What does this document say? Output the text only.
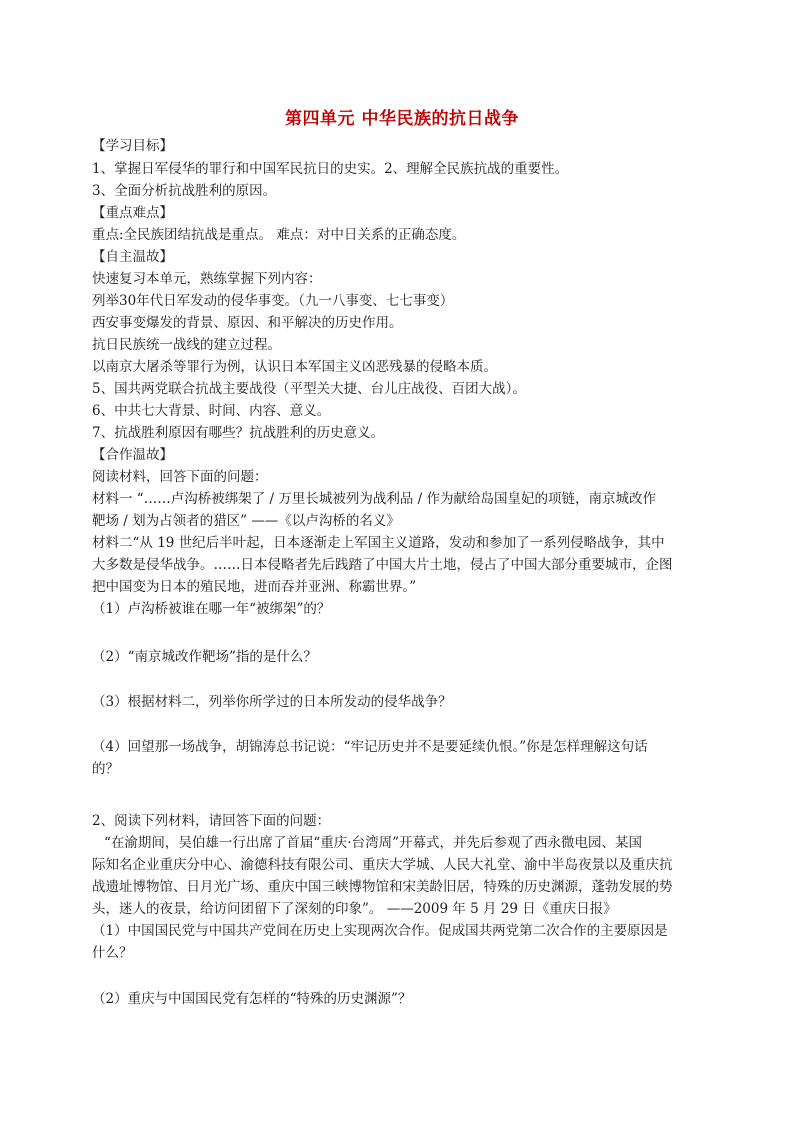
第四单元 中华民族的抗日战争
【学习目标】
1、掌握日军侵华的罪行和中国军民抗日的史实。2、理解全民族抗战的重要性。
3、全面分析抗战胜利的原因。
【重点难点】
重点:全民族团结抗战是重点。 难点：对中日关系的正确态度。
【自主温故】
快速复习本单元，熟练掌握下列内容：
列举30年代日军发动的侵华事变。（九一八事变、七七事变）
西安事变爆发的背景、原因、和平解决的历史作用。
抗日民族统一战线的建立过程。
以南京大屠杀等罪行为例，认识日本军国主义凶恶残暴的侵略本质。
5、国共两党联合抗战主要战役（平型关大捷、台儿庄战役、百团大战）。
6、中共七大背景、时间、内容、意义。
7、抗战胜利原因有哪些？抗战胜利的历史意义。
【合作温故】
阅读材料，回答下面的问题：
材料一 “……卢沟桥被绑架了 / 万里长城被列为战利品 / 作为献给岛国皇妃的项链，南京城改作
靶场 / 划为占领者的猎区” ——《以卢沟桥的名义》
材料二“从 19 世纪后半叶起，日本逐渐走上军国主义道路，发动和参加了一系列侵略战争，其中
大多数是侵华战争。……日本侵略者先后践踏了中国大片土地，侵占了中国大部分重要城市，企图
把中国变为日本的殖民地，进而吞并亚洲、称霸世界。”
（1）卢沟桥被谁在哪一年“被绑架”的？
（2）“南京城改作靶场”指的是什么？
（3）根据材料二，列举你所学过的日本所发动的侵华战争？
（4）回望那一场战争，胡锦涛总书记说：“牢记历史并不是要延续仇恨。”你是怎样理解这句话
的？
2、阅读下列材料，请回答下面的问题：
“在渝期间，吴伯雄一行出席了首届“重庆·台湾周”开幕式，并先后参观了西永微电园、某国
际知名企业重庆分中心、渝德科技有限公司、重庆大学城、人民大礼堂、渝中半岛夜景以及重庆抗
战遗址博物馆、日月光广场、重庆中国三峡博物馆和宋美龄旧居，特殊的历史渊源，蓬勃发展的势
头，迷人的夜景，给访问团留下了深刻的印象”。 ——2009 年 5 月 29 日《重庆日报》
（1）中国国民党与中国共产党间在历史上实现两次合作。促成国共两党第二次合作的主要原因是
什么？
（2）重庆与中国国民党有怎样的“特殊的历史渊源”？
